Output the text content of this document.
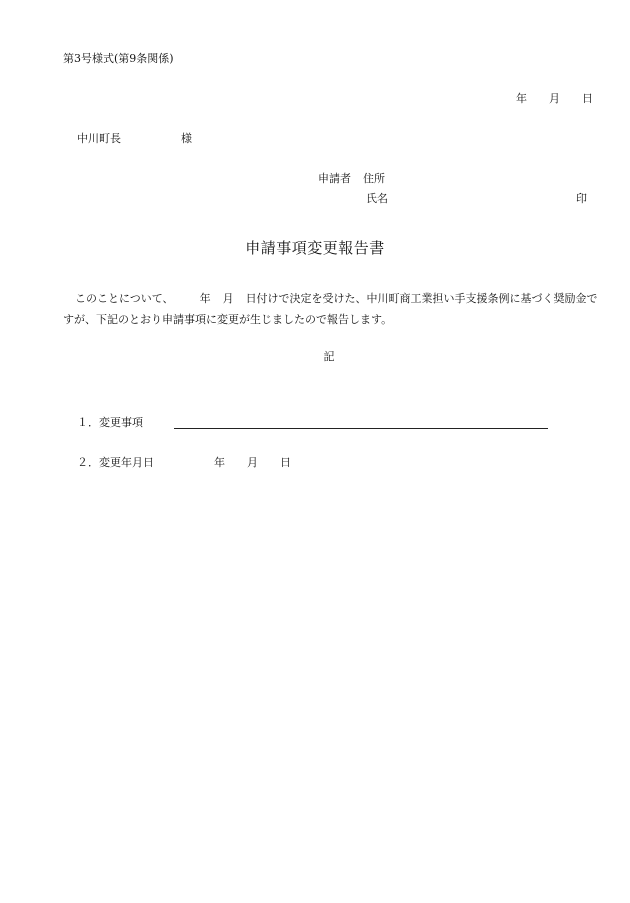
第3号様式(第9条関係)
年 月 日
中川町長	様
申請者 住所
氏名	印
申請事項変更報告書
このことについて、 年 月 日付けで決定を受けた、中川町商工業担い手支援条例に基づく奨励金ですが、下記のとおり申請事項に変更が生じましたので報告します。
記
１．変更事項
２．変更年月日	年 月 日
